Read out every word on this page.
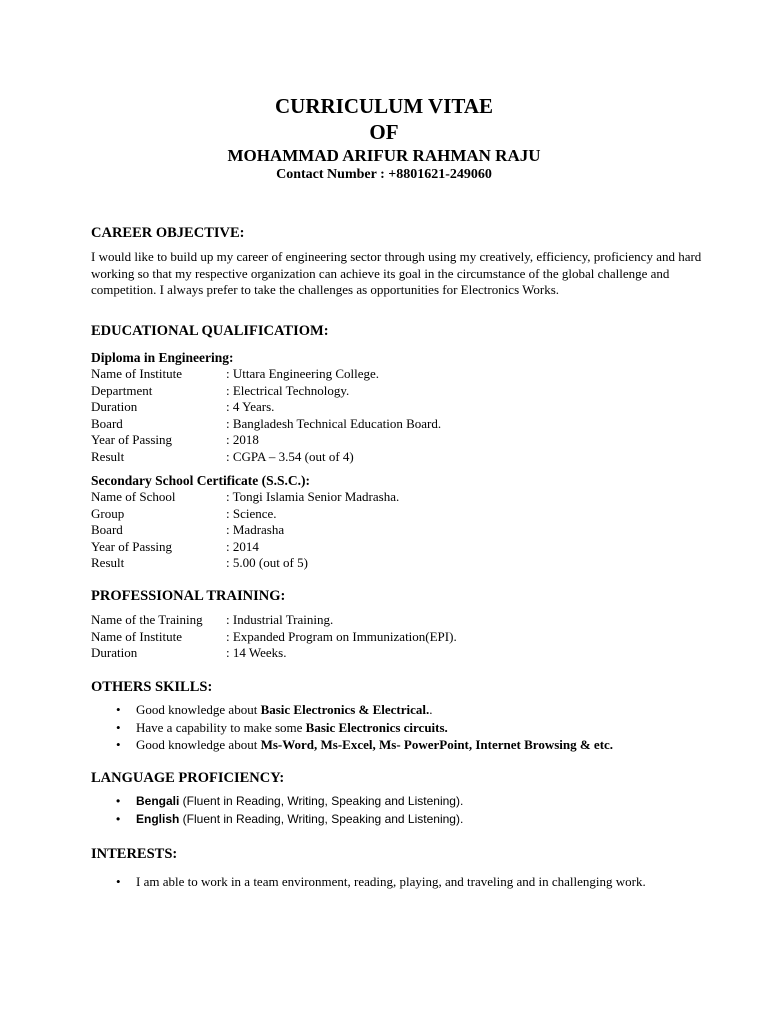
CURRICULUM VITAE
OF
MOHAMMAD ARIFUR RAHMAN RAJU
Contact Number : +8801621-249060
CAREER OBJECTIVE:
I would like to build up my career of engineering sector through using my creatively, efficiency, proficiency and hard working so that my respective organization can achieve its goal in the circumstance of the global challenge and competition. I always prefer to take the challenges as opportunities for Electronics Works.
EDUCATIONAL QUALIFICATIOM:
Diploma in Engineering:
Name of Institute	: Uttara Engineering College.
Department	: Electrical Technology.
Duration	: 4 Years.
Board	: Bangladesh Technical Education Board.
Year of Passing	: 2018
Result	: CGPA – 3.54 (out of 4)
Secondary School Certificate (S.S.C.):
Name of School	: Tongi Islamia Senior Madrasha.
Group	: Science.
Board	: Madrasha
Year of Passing	: 2014
Result	: 5.00 (out of 5)
PROFESSIONAL TRAINING:
Name of the Training : Industrial Training.
Name of Institute	: Expanded Program on Immunization(EPI).
Duration	: 14 Weeks.
OTHERS SKILLS:
• Good knowledge about Basic Electronics & Electrical..
• Have a capability to make some Basic Electronics circuits.
• Good knowledge about Ms-Word, Ms-Excel, Ms- PowerPoint, Internet Browsing & etc.
LANGUAGE PROFICIENCY:
• Bengali (Fluent in Reading, Writing, Speaking and Listening).
• English (Fluent in Reading, Writing, Speaking and Listening).
INTERESTS:
• I am able to work in a team environment, reading, playing, and traveling and in challenging work.
